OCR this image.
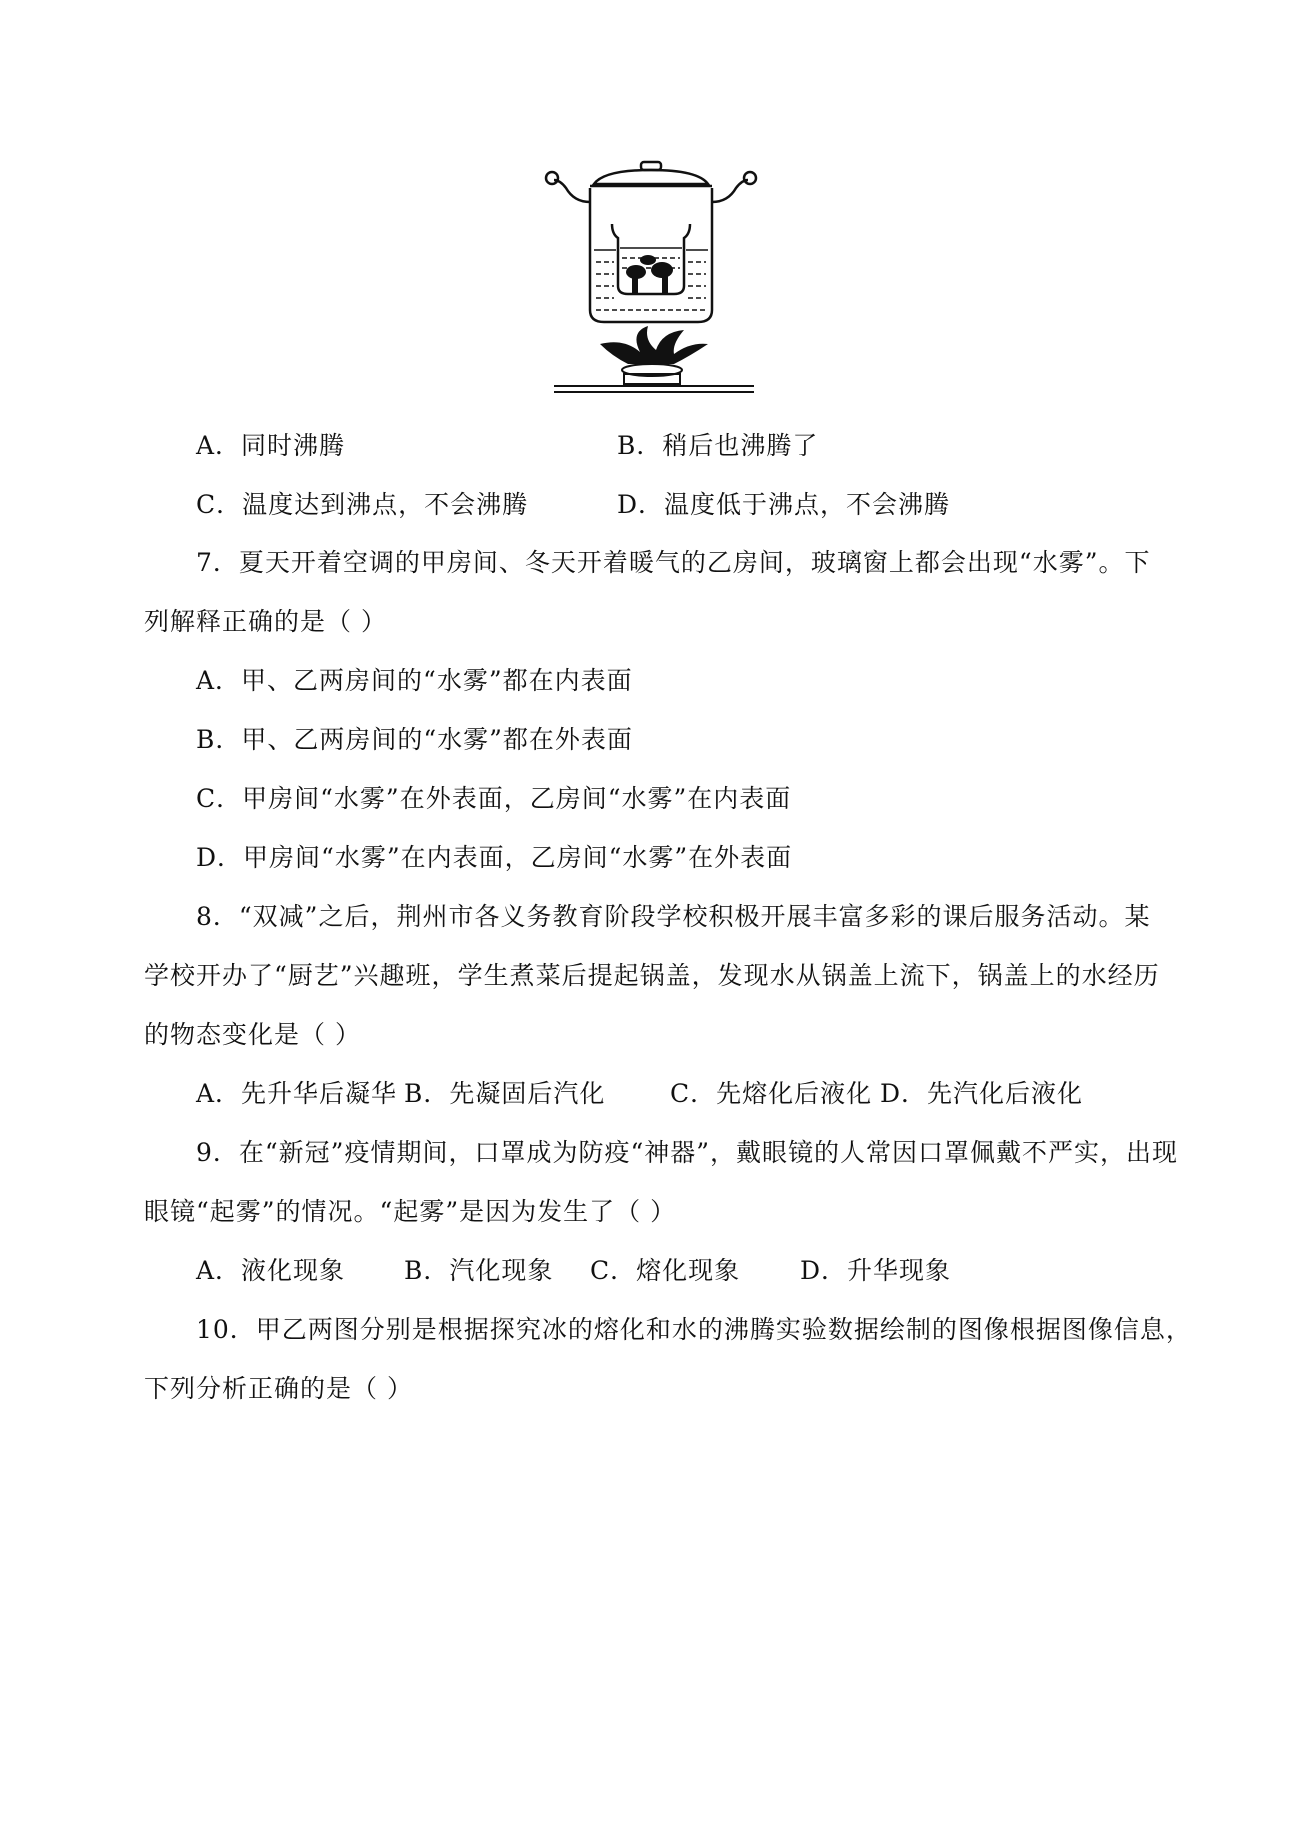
A．同时沸腾	B．稍后也沸腾了
C．温度达到沸点，不会沸腾	D．温度低于沸点，不会沸腾
7．夏天开着空调的甲房间、冬天开着暖气的乙房间，玻璃窗上都会出现“水雾”。下
列解释正确的是（ ）
A．甲、乙两房间的“水雾”都在内表面
B．甲、乙两房间的“水雾”都在外表面
C．甲房间“水雾”在外表面，乙房间“水雾”在内表面
D．甲房间“水雾”在内表面，乙房间“水雾”在外表面
8．“双减”之后，荆州市各义务教育阶段学校积极开展丰富多彩的课后服务活动。某
学校开办了“厨艺”兴趣班，学生煮菜后提起锅盖，发现水从锅盖上流下，锅盖上的水经历
的物态变化是（ ）
A．先升华后凝华 B．先凝固后汽化	C．先熔化后液化 D．先汽化后液化
9．在“新冠”疫情期间，口罩成为防疫“神器”，戴眼镜的人常因口罩佩戴不严实，出现
眼镜“起雾”的情况。“起雾”是因为发生了（ ）
A．液化现象 B．汽化现象 C．熔化现象 D．升华现象
10．甲乙两图分别是根据探究冰的熔化和水的沸腾实验数据绘制的图像根据图像信息，
下列分析正确的是（ ）
